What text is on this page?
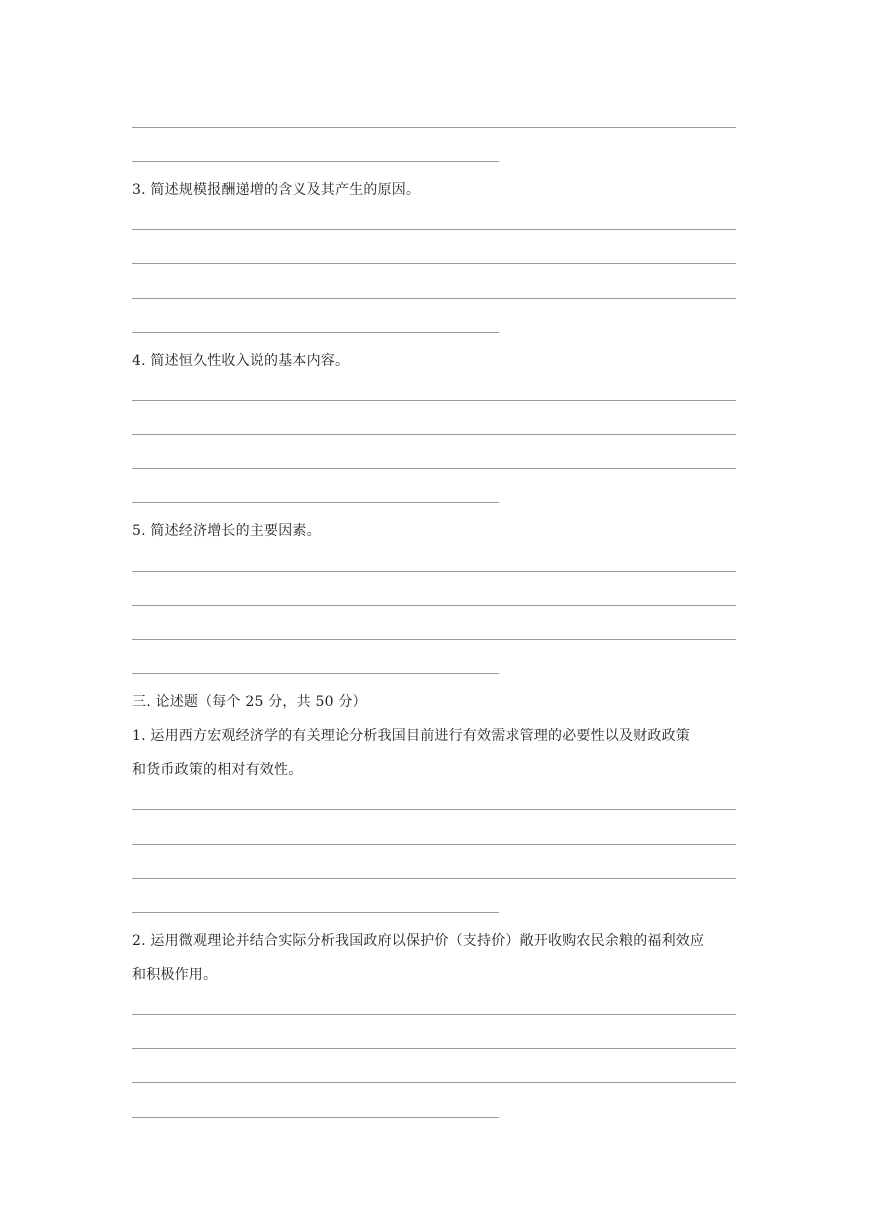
3. 简述规模报酬递增的含义及其产生的原因。
4. 简述恒久性收入说的基本内容。
5. 简述经济增长的主要因素。
三. 论述题（每个 25 分，共 50 分）
1. 运用西方宏观经济学的有关理论分析我国目前进行有效需求管理的必要性以及财政政策
和货币政策的相对有效性。
2. 运用微观理论并结合实际分析我国政府以保护价（支持价）敞开收购农民余粮的福利效应
和积极作用。
